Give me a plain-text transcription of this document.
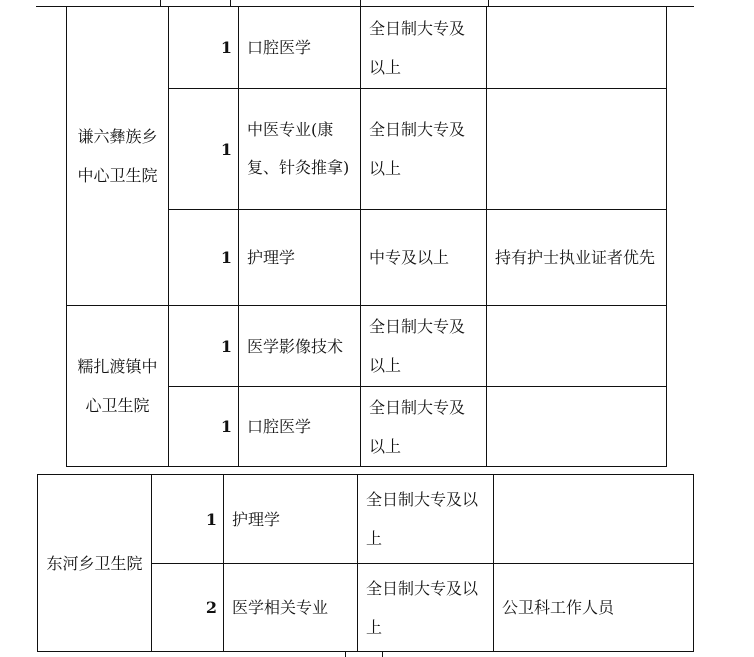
谦六彝族乡中心卫生院	1	口腔医学	全日制大专及以上	
	1	中医专业(康复、针灸推拿)	全日制大专及以上	
	1	护理学	中专及以上	持有护士执业证者优先
糯扎渡镇中心卫生院	1	医学影像技术	全日制大专及以上	
	1	口腔医学	全日制大专及以上	
东河乡卫生院	1	护理学	全日制大专及以上	
	2	医学相关专业	全日制大专及以上	公卫科工作人员
